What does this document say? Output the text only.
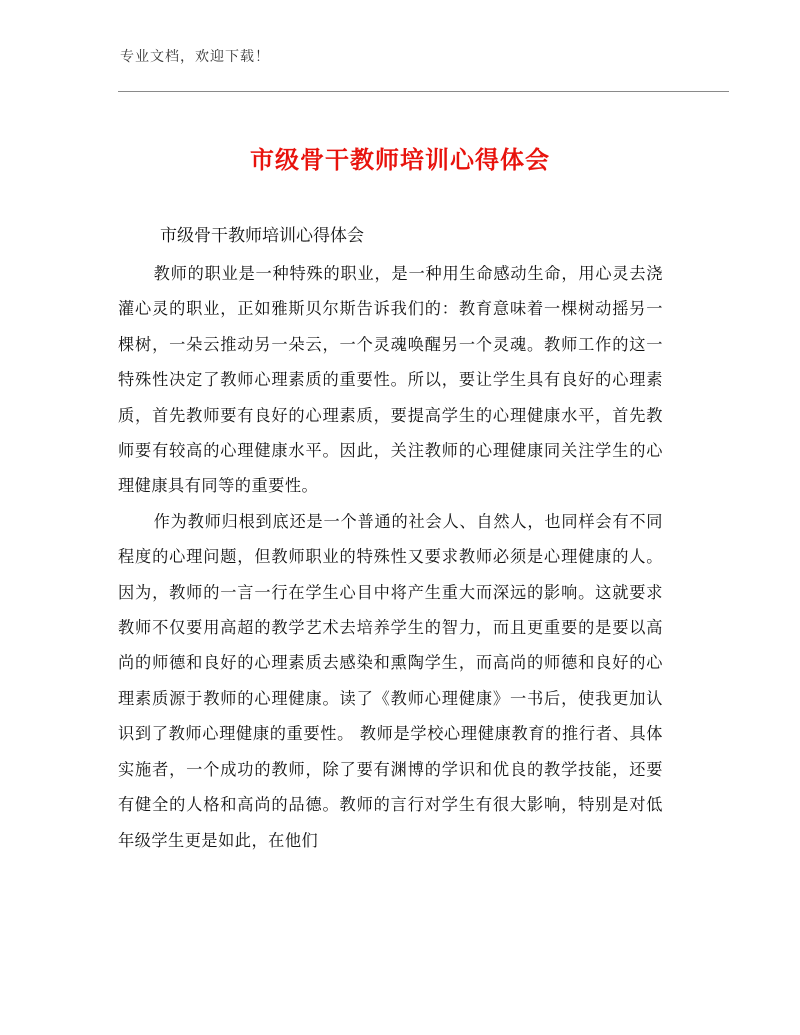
专业文档，欢迎下载！
市级骨干教师培训心得体会
市级骨干教师培训心得体会

教师的职业是一种特殊的职业，是一种用生命感动生命，用心灵去浇灌心灵的职业，正如雅斯贝尔斯告诉我们的：教育意味着一棵树动摇另一棵树，一朵云推动另一朵云，一个灵魂唤醒另一个灵魂。教师工作的这一特殊性决定了教师心理素质的重要性。所以，要让学生具有良好的心理素质，首先教师要有良好的心理素质，要提高学生的心理健康水平，首先教师要有较高的心理健康水平。因此，关注教师的心理健康同关注学生的心理健康具有同等的重要性。

作为教师归根到底还是一个普通的社会人、自然人，也同样会有不同程度的心理问题，但教师职业的特殊性又要求教师必须是心理健康的人。因为，教师的一言一行在学生心目中将产生重大而深远的影响。这就要求教师不仅要用高超的教学艺术去培养学生的智力，而且更重要的是要以高尚的师德和良好的心理素质去感染和熏陶学生，而高尚的师德和良好的心理素质源于教师的心理健康。读了《教师心理健康》一书后，使我更加认识到了教师心理健康的重要性。 教师是学校心理健康教育的推行者、具体实施者，一个成功的教师，除了要有渊博的学识和优良的教学技能，还要有健全的人格和高尚的品德。教师的言行对学生有很大影响，特别是对低年级学生更是如此，在他们
